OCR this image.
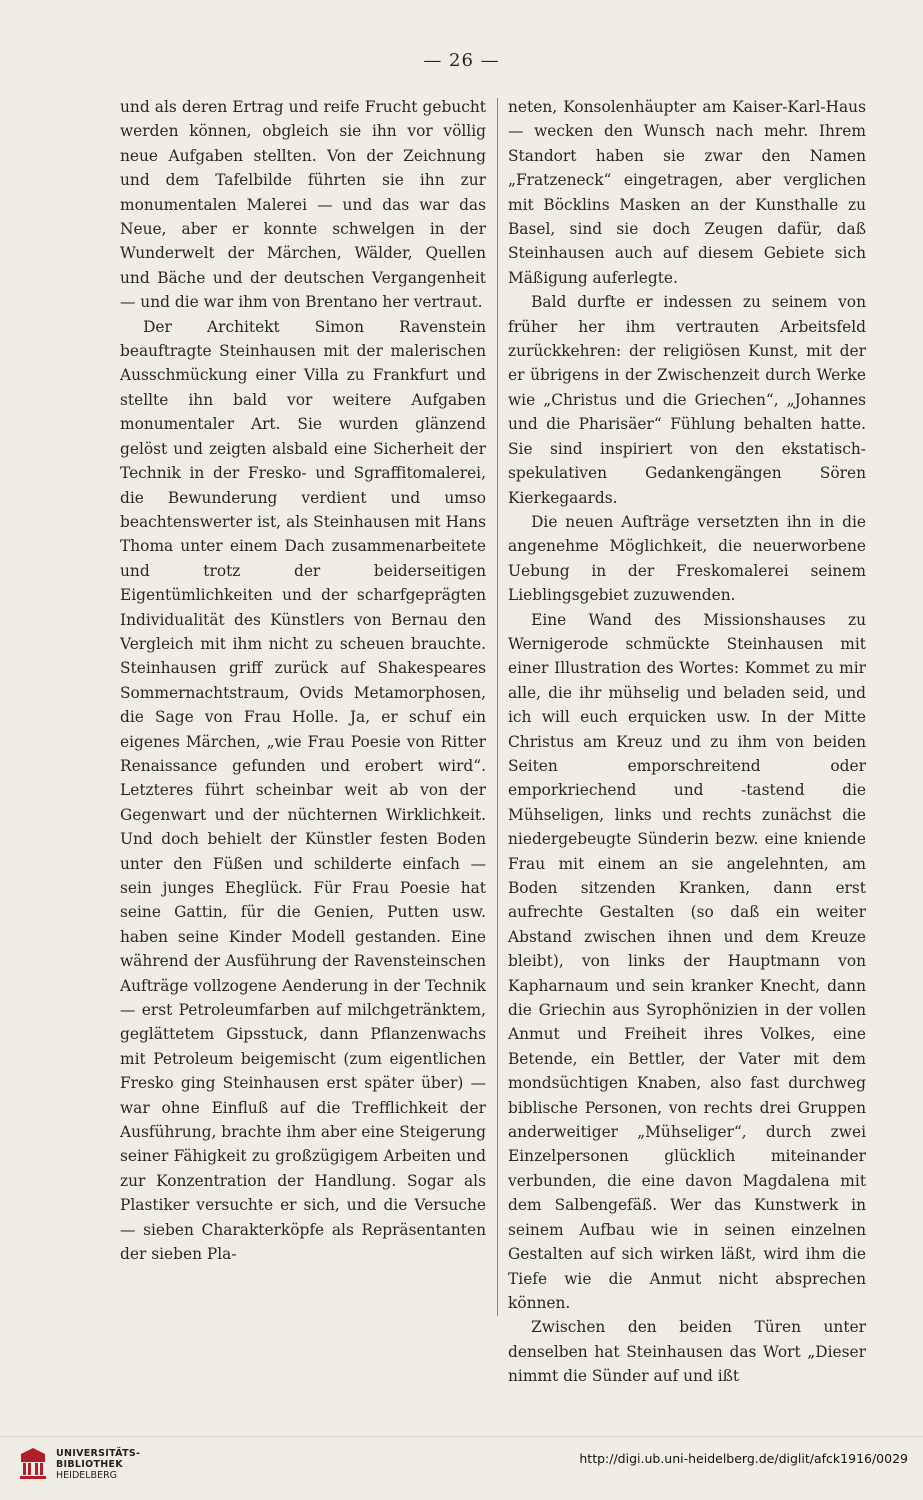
— 26 —

und als deren Ertrag und reife Frucht gebucht werden können, obgleich sie ihn vor völlig neue Aufgaben stellten. Von der Zeichnung und dem Tafelbilde führten sie ihn zur monumentalen Malerei — und das war das Neue, aber er konnte schwelgen in der Wunderwelt der Märchen, Wälder, Quellen und Bäche und der deutschen Vergangenheit — und die war ihm von Brentano her vertraut.

Der Architekt Simon Ravenstein beauftragte Steinhausen mit der malerischen Ausschmückung einer Villa zu Frankfurt und stellte ihn bald vor weitere Aufgaben monumentaler Art. Sie wurden glänzend gelöst und zeigten alsbald eine Sicherheit der Technik in der Fresko- und Sgraffitomalerei, die Bewunderung verdient und umso beachtenswerter ist, als Steinhausen mit Hans Thoma unter einem Dach zusammenarbeitete und trotz der beiderseitigen Eigentümlichkeiten und der scharfgeprägten Individualität des Künstlers von Bernau den Vergleich mit ihm nicht zu scheuen brauchte. Steinhausen griff zurück auf Shakespeares Sommernachtstraum, Ovids Metamorphosen, die Sage von Frau Holle. Ja, er schuf ein eigenes Märchen, „wie Frau Poesie von Ritter Renaissance gefunden und erobert wird“. Letzteres führt scheinbar weit ab von der Gegenwart und der nüchternen Wirklichkeit. Und doch behielt der Künstler festen Boden unter den Füßen und schilderte einfach — sein junges Eheglück. Für Frau Poesie hat seine Gattin, für die Genien, Putten usw. haben seine Kinder Modell gestanden. Eine während der Ausführung der Ravensteinschen Aufträge vollzogene Aenderung in der Technik — erst Petroleumfarben auf milchgetränktem, geglättetem Gipsstuck, dann Pflanzenwachs mit Petroleum beigemischt (zum eigentlichen Fresko ging Steinhausen erst später über) — war ohne Einfluß auf die Trefflichkeit der Ausführung, brachte ihm aber eine Steigerung seiner Fähigkeit zu großzügigem Arbeiten und zur Konzentration der Handlung. Sogar als Plastiker versuchte er sich, und die Versuche — sieben Charakterköpfe als Repräsentanten der sieben Pla-

neten, Konsolenhäupter am Kaiser-Karl-Haus — wecken den Wunsch nach mehr. Ihrem Standort haben sie zwar den Namen „Fratzeneck“ eingetragen, aber verglichen mit Böcklins Masken an der Kunsthalle zu Basel, sind sie doch Zeugen dafür, daß Steinhausen auch auf diesem Gebiete sich Mäßigung auferlegte.

Bald durfte er indessen zu seinem von früher her ihm vertrauten Arbeitsfeld zurückkehren: der religiösen Kunst, mit der er übrigens in der Zwischenzeit durch Werke wie „Christus und die Griechen“, „Johannes und die Pharisäer“ Fühlung behalten hatte. Sie sind inspiriert von den ekstatisch-spekulativen Gedankengängen Sören Kierkegaards.

Die neuen Aufträge versetzten ihn in die angenehme Möglichkeit, die neuerworbene Uebung in der Freskomalerei seinem Lieblingsgebiet zuzuwenden.

Eine Wand des Missionshauses zu Wernigerode schmückte Steinhausen mit einer Illustration des Wortes: Kommet zu mir alle, die ihr mühselig und beladen seid, und ich will euch erquicken usw. In der Mitte Christus am Kreuz und zu ihm von beiden Seiten emporschreitend oder emporkriechend und -tastend die Mühseligen, links und rechts zunächst die niedergebeugte Sünderin bezw. eine kniende Frau mit einem an sie angelehnten, am Boden sitzenden Kranken, dann erst aufrechte Gestalten (so daß ein weiter Abstand zwischen ihnen und dem Kreuze bleibt), von links der Hauptmann von Kapharnaum und sein kranker Knecht, dann die Griechin aus Syrophönizien in der vollen Anmut und Freiheit ihres Volkes, eine Betende, ein Bettler, der Vater mit dem mondsüchtigen Knaben, also fast durchweg biblische Personen, von rechts drei Gruppen anderweitiger „Mühseliger“, durch zwei Einzelpersonen glücklich miteinander verbunden, die eine davon Magdalena mit dem Salbengefäß. Wer das Kunstwerk in seinem Aufbau wie in seinen einzelnen Gestalten auf sich wirken läßt, wird ihm die Tiefe wie die Anmut nicht absprechen können.

Zwischen den beiden Türen unter denselben hat Steinhausen das Wort „Dieser nimmt die Sünder auf und ißt

UNIVERSITÄTS-
BIBLIOTHEK
HEIDELBERG
http://digi.ub.uni-heidelberg.de/diglit/afck1916/0029
